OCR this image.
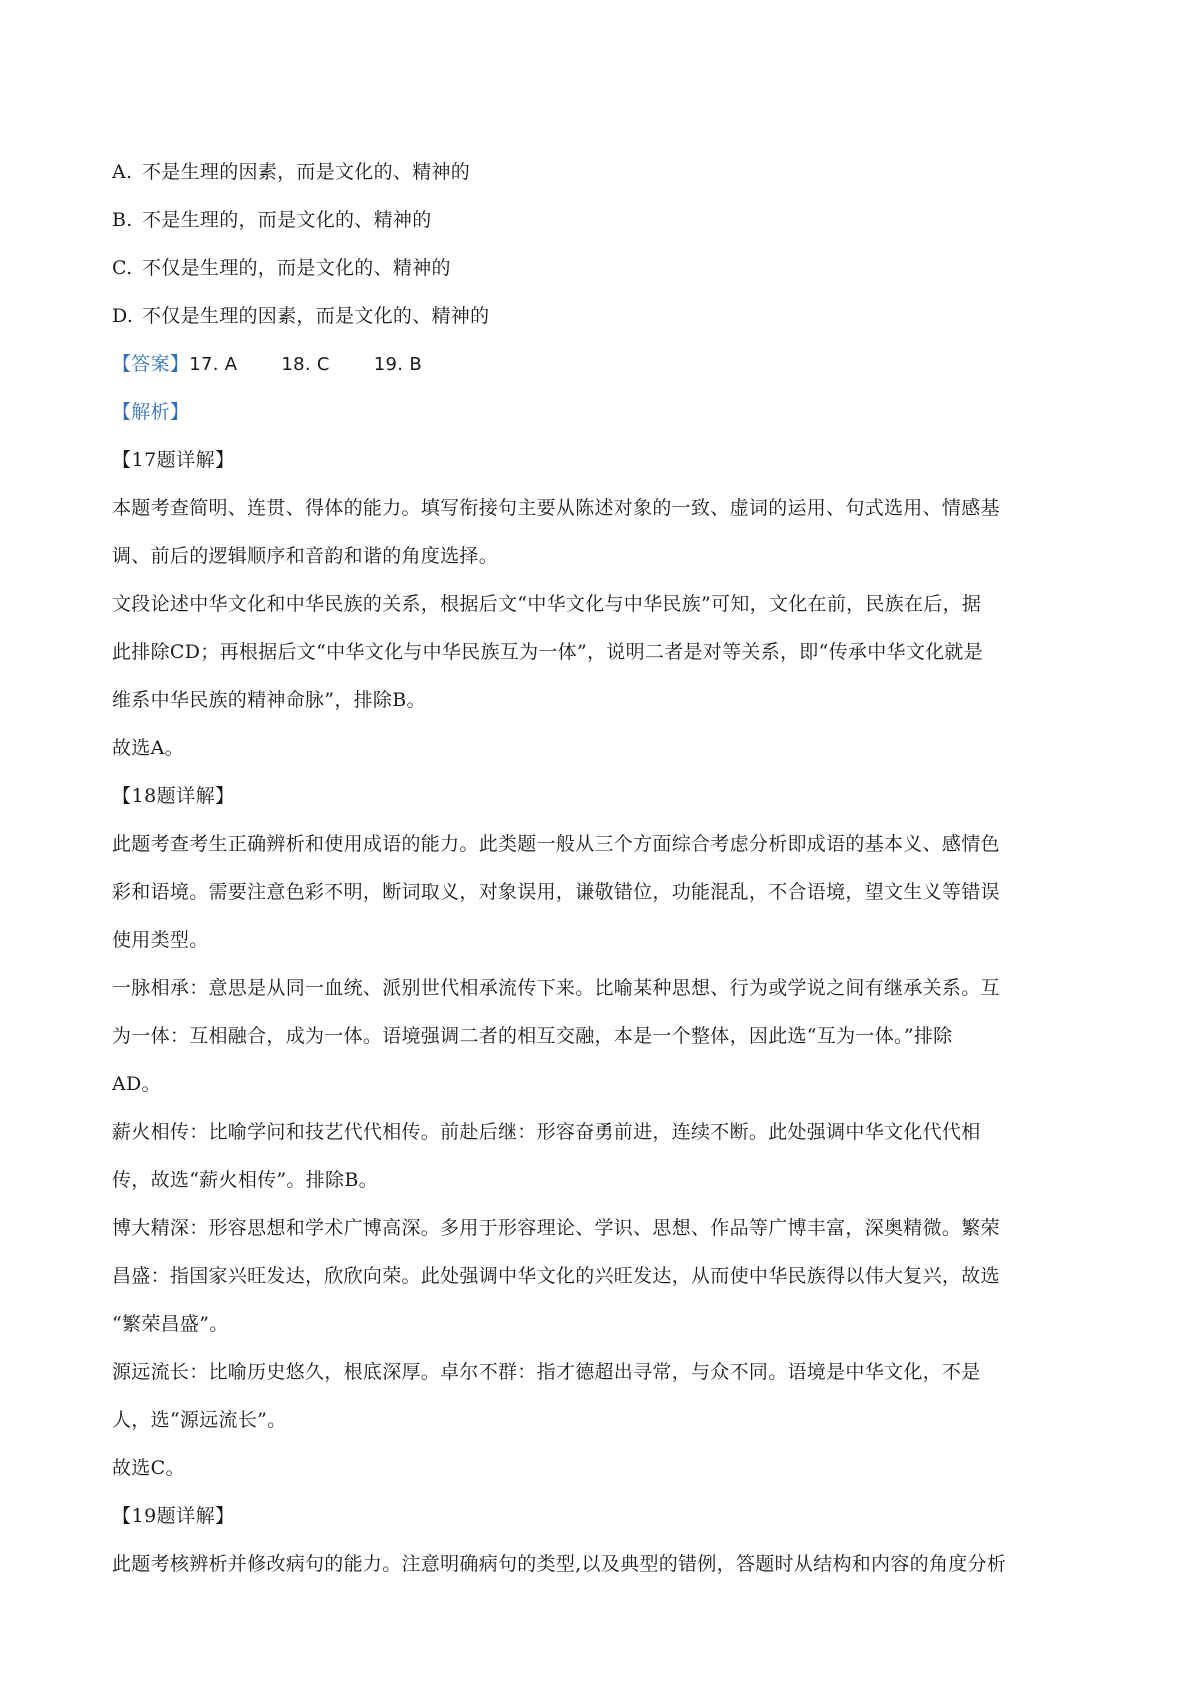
A. 不是生理的因素，而是文化的、精神的
B. 不是生理的，而是文化的、精神的
C. 不仅是生理的，而是文化的、精神的
D. 不仅是生理的因素，而是文化的、精神的
【答案】17. A 18. C 19. B
【解析】
【17题详解】
本题考查简明、连贯、得体的能力。填写衔接句主要从陈述对象的一致、虚词的运用、句式选用、情感基
调、前后的逻辑顺序和音韵和谐的角度选择。
文段论述中华文化和中华民族的关系，根据后文“中华文化与中华民族”可知，文化在前，民族在后，据
此排除CD；再根据后文“中华文化与中华民族互为一体”，说明二者是对等关系，即“传承中华文化就是
维系中华民族的精神命脉”，排除B。
故选A。
【18题详解】
此题考查考生正确辨析和使用成语的能力。此类题一般从三个方面综合考虑分析即成语的基本义、感情色
彩和语境。需要注意色彩不明，断词取义，对象误用，谦敬错位，功能混乱，不合语境，望文生义等错误
使用类型。
一脉相承：意思是从同一血统、派别世代相承流传下来。比喻某种思想、行为或学说之间有继承关系。互
为一体：互相融合，成为一体。语境强调二者的相互交融，本是一个整体，因此选“互为一体。”排除
AD。
薪火相传：比喻学问和技艺代代相传。前赴后继：形容奋勇前进，连续不断。此处强调中华文化代代相
传，故选“薪火相传”。排除B。
博大精深：形容思想和学术广博高深。多用于形容理论、学识、思想、作品等广博丰富，深奥精微。繁荣
昌盛：指国家兴旺发达，欣欣向荣。此处强调中华文化的兴旺发达，从而使中华民族得以伟大复兴，故选
“繁荣昌盛”。
源远流长：比喻历史悠久，根底深厚。卓尔不群：指才德超出寻常，与众不同。语境是中华文化，不是
人，选“源远流长”。
故选C。
【19题详解】
此题考核辨析并修改病句的能力。注意明确病句的类型,以及典型的错例，答题时从结构和内容的角度分析
